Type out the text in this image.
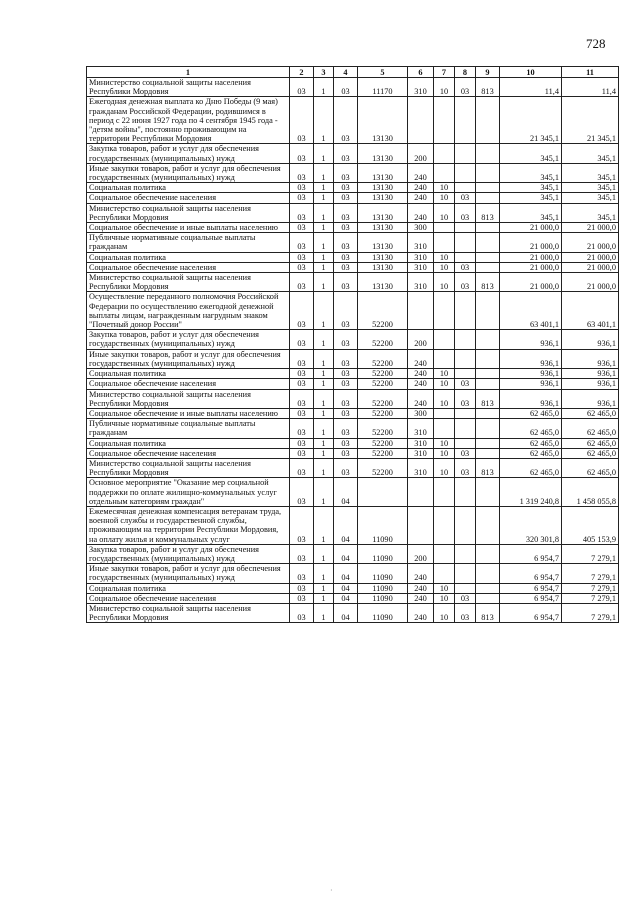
728
1	2	3	4	5	6	7	8	9	10	11
Министерство социальной защиты населения Республики Мордовия	03	1	03	11170	310	10	03	813	11,4	11,4
Ежегодная денежная выплата ко Дню Победы (9 мая) гражданам Российской Федерации, родившимся в период с 22 июня 1927 года по 4 сентября 1945 года - "детям войны", постоянно проживающим на территории Республики Мордовия	03	1	03	13130					21 345,1	21 345,1
Закупка товаров, работ и услуг для обеспечения государственных (муниципальных) нужд	03	1	03	13130	200				345,1	345,1
Иные закупки товаров, работ и услуг для обеспечения государственных (муниципальных) нужд	03	1	03	13130	240				345,1	345,1
Социальная политика	03	1	03	13130	240	10			345,1	345,1
Социальное обеспечение населения	03	1	03	13130	240	10	03		345,1	345,1
Министерство социальной защиты населения Республики Мордовия	03	1	03	13130	240	10	03	813	345,1	345,1
Социальное обеспечение и иные выплаты населению	03	1	03	13130	300				21 000,0	21 000,0
Публичные нормативные социальные выплаты гражданам	03	1	03	13130	310				21 000,0	21 000,0
Социальная политика	03	1	03	13130	310	10			21 000,0	21 000,0
Социальное обеспечение населения	03	1	03	13130	310	10	03		21 000,0	21 000,0
Министерство социальной защиты населения Республики Мордовия	03	1	03	13130	310	10	03	813	21 000,0	21 000,0
Осуществление переданного полномочия Российской Федерации по осуществлению ежегодной денежной выплаты лицам, награжденным нагрудным знаком "Почетный донор России"	03	1	03	52200					63 401,1	63 401,1
Закупка товаров, работ и услуг для обеспечения государственных (муниципальных) нужд	03	1	03	52200	200				936,1	936,1
Иные закупки товаров, работ и услуг для обеспечения государственных (муниципальных) нужд	03	1	03	52200	240				936,1	936,1
Социальная политика	03	1	03	52200	240	10			936,1	936,1
Социальное обеспечение населения	03	1	03	52200	240	10	03		936,1	936,1
Министерство социальной защиты населения Республики Мордовия	03	1	03	52200	240	10	03	813	936,1	936,1
Социальное обеспечение и иные выплаты населению	03	1	03	52200	300				62 465,0	62 465,0
Публичные нормативные социальные выплаты гражданам	03	1	03	52200	310				62 465,0	62 465,0
Социальная политика	03	1	03	52200	310	10			62 465,0	62 465,0
Социальное обеспечение населения	03	1	03	52200	310	10	03		62 465,0	62 465,0
Министерство социальной защиты населения Республики Мордовия	03	1	03	52200	310	10	03	813	62 465,0	62 465,0
Основное мероприятие "Оказание мер социальной поддержки по оплате жилищно-коммунальных услуг отдельным категориям граждан"	03	1	04						1 319 240,8	1 458 055,8
Ежемесячная денежная компенсация ветеранам труда, военной службы и государственной службы, проживающим на территории Республики Мордовия, на оплату жилья и коммунальных услуг	03	1	04	11090					320 301,8	405 153,9
Закупка товаров, работ и услуг для обеспечения государственных (муниципальных) нужд	03	1	04	11090	200				6 954,7	7 279,1
Иные закупки товаров, работ и услуг для обеспечения государственных (муниципальных) нужд	03	1	04	11090	240				6 954,7	7 279,1
Социальная политика	03	1	04	11090	240	10			6 954,7	7 279,1
Социальное обеспечение населения	03	1	04	11090	240	10	03		6 954,7	7 279,1
Министерство социальной защиты населения Республики Мордовия	03	1	04	11090	240	10	03	813	6 954,7	7 279,1
·
